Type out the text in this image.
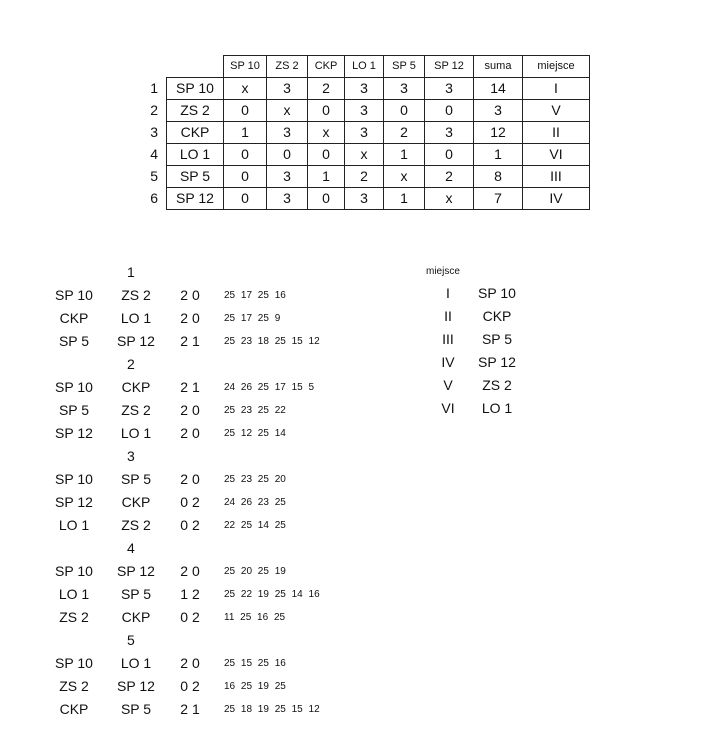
		SP 10	ZS 2	CKP	LO 1	SP 5	SP 12	suma	miejsce
1	SP 10	x	3	2	3	3	3	14	I
2	ZS 2	0	x	0	3	0	0	3	V
3	CKP	1	3	x	3	2	3	12	II
4	LO 1	0	0	0	x	1	0	1	VI
5	SP 5	0	3	1	2	x	2	8	III
6	SP 12	0	3	0	3	1	x	7	IV
1
SP 10	ZS 2	2 0	25 17 25 16
CKP	LO 1	2 0	25 17 25 9
SP 5	SP 12	2 1	25 23 18 25 15 12
2
SP 10	CKP	2 1	24 26 25 17 15 5
SP 5	ZS 2	2 0	25 23 25 22
SP 12	LO 1	2 0	25 12 25 14
3
SP 10	SP 5	2 0	25 23 25 20
SP 12	CKP	0 2	24 26 23 25
LO 1	ZS 2	0 2	22 25 14 25
4
SP 10	SP 12	2 0	25 20 25 19
LO 1	SP 5	1 2	25 22 19 25 14 16
ZS 2	CKP	0 2	11 25 16 25
5
SP 10	LO 1	2 0	25 15 25 16
ZS 2	SP 12	0 2	16 25 19 25
CKP	SP 5	2 1	25 18 19 25 15 12
miejsce
I	SP 10
II	CKP
III	SP 5
IV	SP 12
V	ZS 2
VI	LO 1
